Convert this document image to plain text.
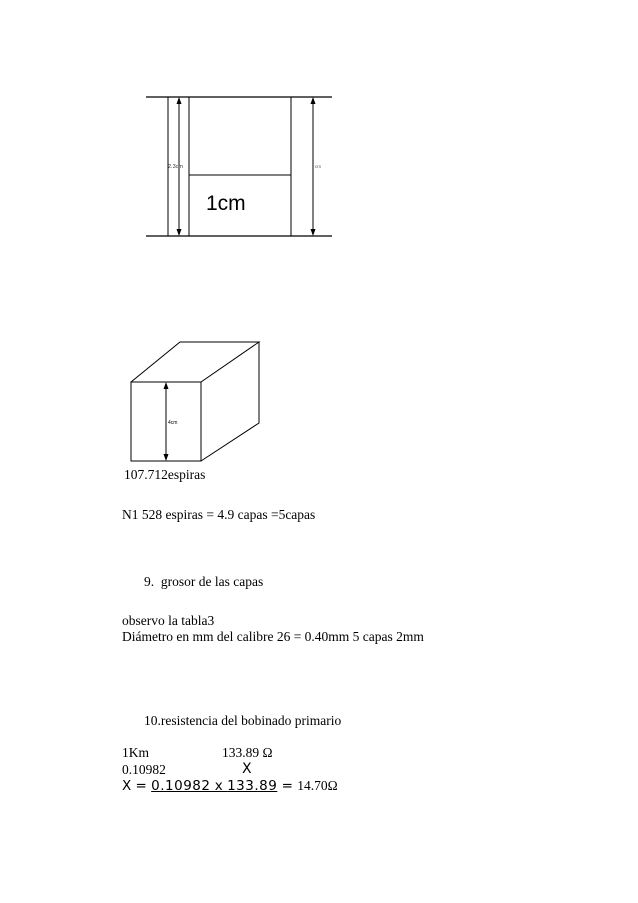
2.3cm	cm
1cm
4cm
107.712espiras
N1 528 espiras = 4.9 capas =5capas
9. grosor de las capas
observo la tabla3
Diámetro en mm del calibre 26 = 0.40mm 5 capas 2mm
10.resistencia del bobinado primario
1Km	133.89 Ω
0.10982	X
X = 0.10982 x 133.89 = 14.70Ω
